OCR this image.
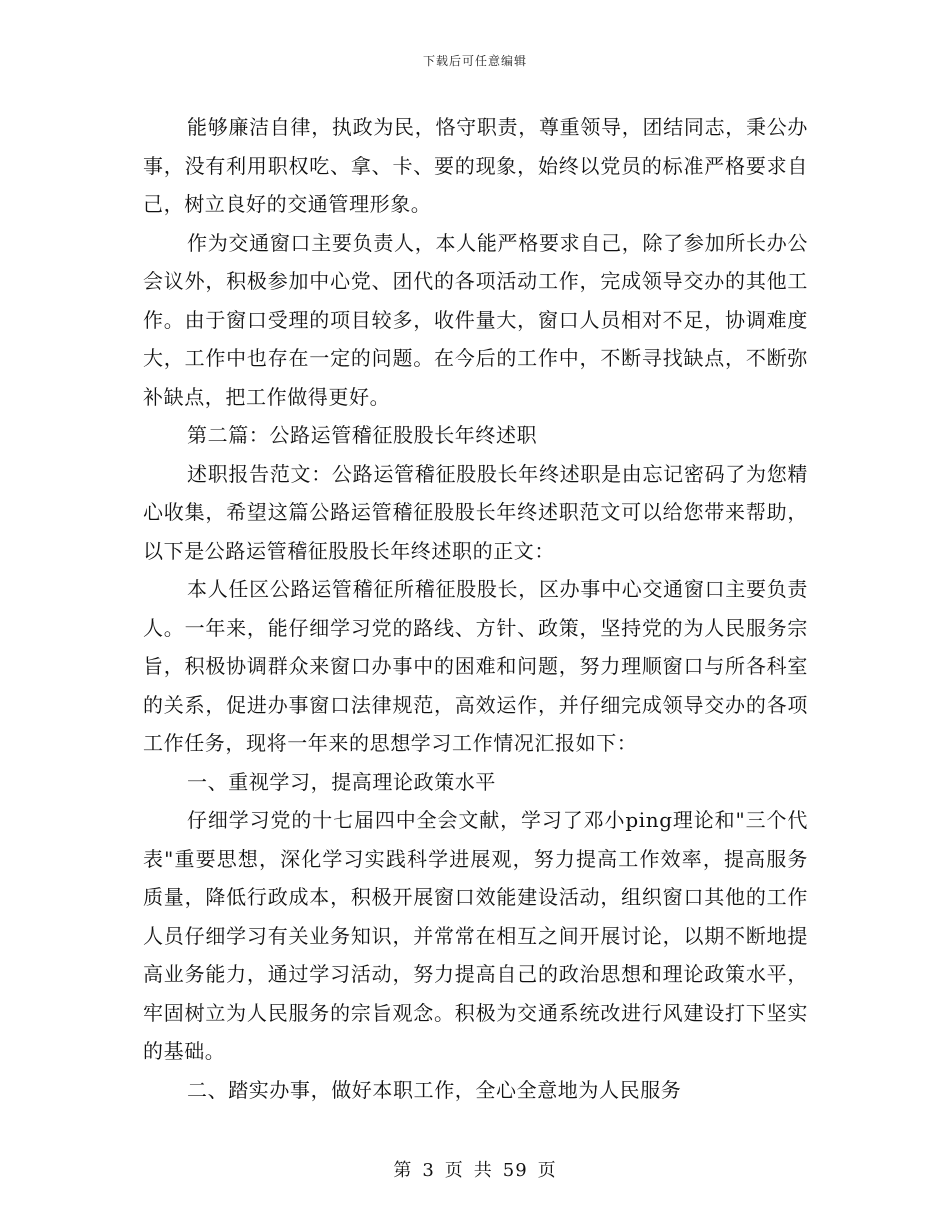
下载后可任意编辑

能够廉洁自律，执政为民，恪守职责，尊重领导，团结同志，秉公办事，没有利用职权吃、拿、卡、要的现象，始终以党员的标准严格要求自己，树立良好的交通管理形象。

作为交通窗口主要负责人，本人能严格要求自己，除了参加所长办公会议外，积极参加中心党、团代的各项活动工作，完成领导交办的其他工作。由于窗口受理的项目较多，收件量大，窗口人员相对不足，协调难度大，工作中也存在一定的问题。在今后的工作中，不断寻找缺点，不断弥补缺点，把工作做得更好。

第二篇：公路运管稽征股股长年终述职

述职报告范文：公路运管稽征股股长年终述职是由忘记密码了为您精心收集，希望这篇公路运管稽征股股长年终述职范文可以给您带来帮助，以下是公路运管稽征股股长年终述职的正文：

本人任区公路运管稽征所稽征股股长，区办事中心交通窗口主要负责人。一年来，能仔细学习党的路线、方针、政策，坚持党的为人民服务宗旨，积极协调群众来窗口办事中的困难和问题，努力理顺窗口与所各科室的关系，促进办事窗口法律规范，高效运作，并仔细完成领导交办的各项工作任务，现将一年来的思想学习工作情况汇报如下：

一、重视学习，提高理论政策水平

仔细学习党的十七届四中全会文献，学习了邓小ping理论和"三个代表"重要思想，深化学习实践科学进展观，努力提高工作效率，提高服务质量，降低行政成本，积极开展窗口效能建设活动，组织窗口其他的工作人员仔细学习有关业务知识，并常常在相互之间开展讨论，以期不断地提高业务能力，通过学习活动，努力提高自己的政治思想和理论政策水平，牢固树立为人民服务的宗旨观念。积极为交通系统改进行风建设打下坚实的基础。

二、踏实办事，做好本职工作，全心全意地为人民服务

第 3 页 共 59 页
